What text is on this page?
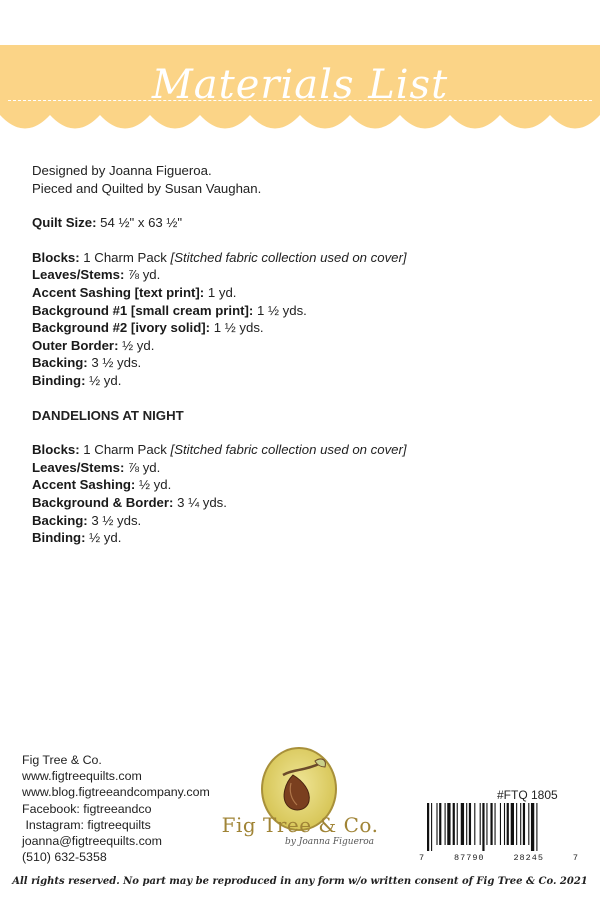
Materials List

Designed by Joanna Figueroa.

Pieced and Quilted by Susan Vaughan.

Quilt Size: 54 ½" x 63 ½"

Blocks: 1 Charm Pack [Stitched fabric collection used on cover]

Leaves/Stems: ⅞ yd.

Accent Sashing [text print]: 1 yd.

Background #1 [small cream print]: 1 ½ yds.

Background #2 [ivory solid]: 1 ½ yds.

Outer Border: ½ yd.

Backing: 3 ½ yds.

Binding: ½ yd.

DANDELIONS AT NIGHT

Blocks: 1 Charm Pack [Stitched fabric collection used on cover]

Leaves/Stems: ⅞ yd.

Accent Sashing: ½ yd.

Background & Border: 3 ¼ yds.

Backing: 3 ½ yds.

Binding: ½ yd.

Fig Tree & Co.

www.figtreequilts.com

www.blog.figtreeandcompany.com

Facebook: figtreeandco

Instagram: figtreequilts

joanna@figtreequilts.com

(510) 632-5358

Fig Tree & Co.
by Joanna Figueroa
#FTQ 1805
7	87790	28245	7
All rights reserved. No part may be reproduced in any form w/o written consent of Fig Tree & Co. 2021
